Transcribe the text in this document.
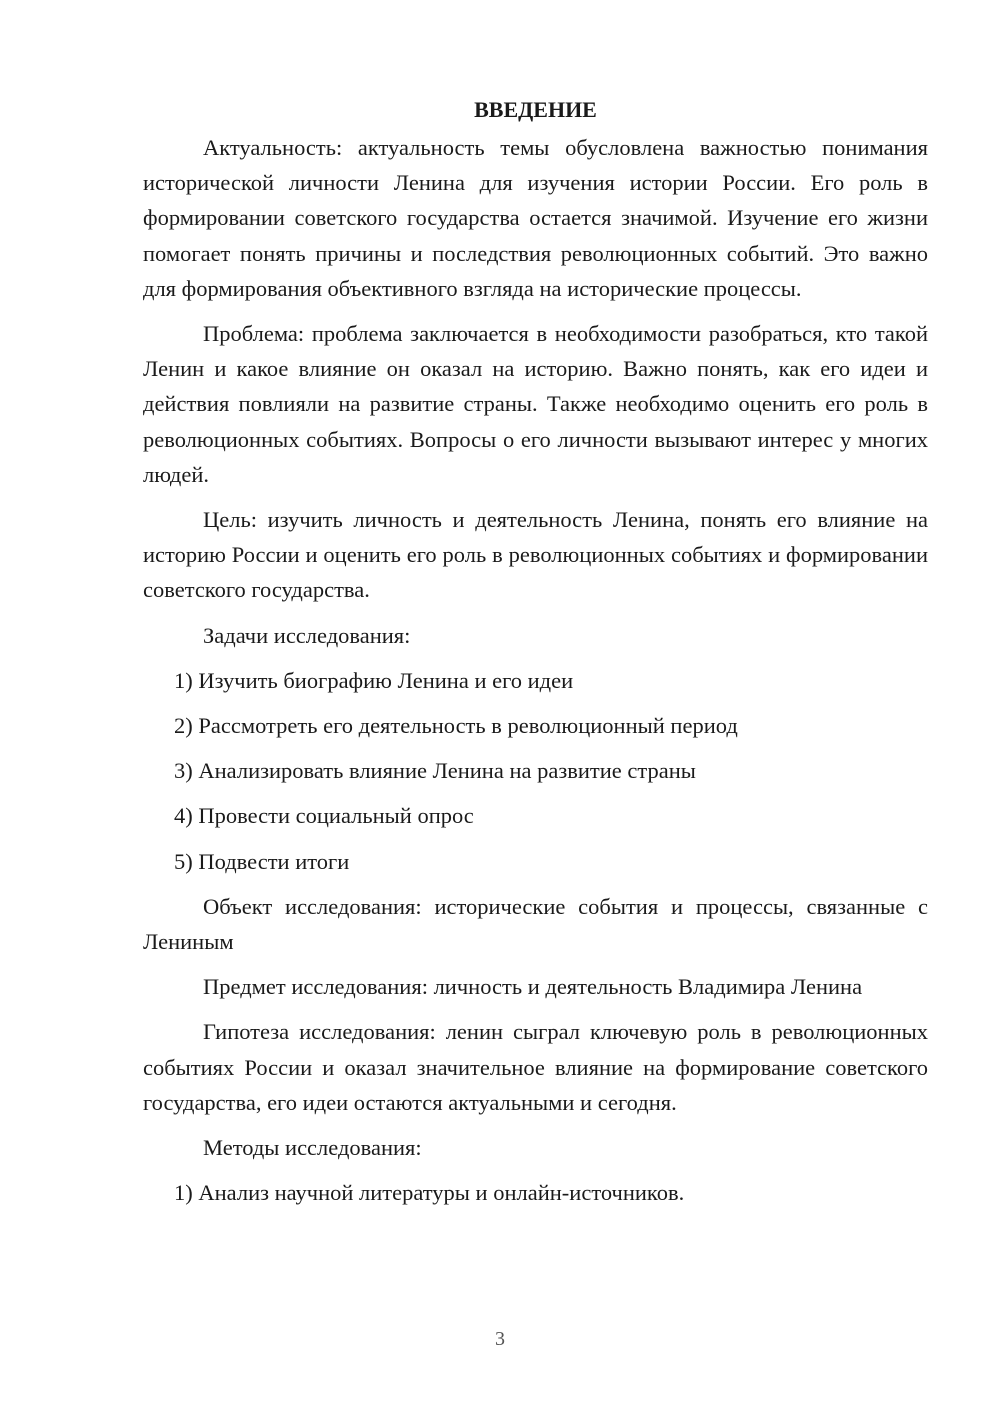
ВВЕДЕНИЕ

Актуальность: актуальность темы обусловлена важностью понимания исторической личности Ленина для изучения истории России. Его роль в формировании советского государства остается значимой. Изучение его жизни помогает понять причины и последствия революционных событий. Это важно для формирования объективного взгляда на исторические процессы.

Проблема: проблема заключается в необходимости разобраться, кто такой Ленин и какое влияние он оказал на историю. Важно понять, как его идеи и действия повлияли на развитие страны. Также необходимо оценить его роль в революционных событиях. Вопросы о его личности вызывают интерес у многих людей.

Цель: изучить личность и деятельность Ленина, понять его влияние на историю России и оценить его роль в революционных событиях и формировании советского государства.

Задачи исследования:

1) Изучить биографию Ленина и его идеи

2) Рассмотреть его деятельность в революционный период

3) Анализировать влияние Ленина на развитие страны

4) Провести социальный опрос

5) Подвести итоги

Объект исследования: исторические события и процессы, связанные с Лениным

Предмет исследования: личность и деятельность Владимира Ленина

Гипотеза исследования: ленин сыграл ключевую роль в революционных событиях России и оказал значительное влияние на формирование советского государства, его идеи остаются актуальными и сегодня.

Методы исследования:

1) Анализ научной литературы и онлайн-источников.

3
